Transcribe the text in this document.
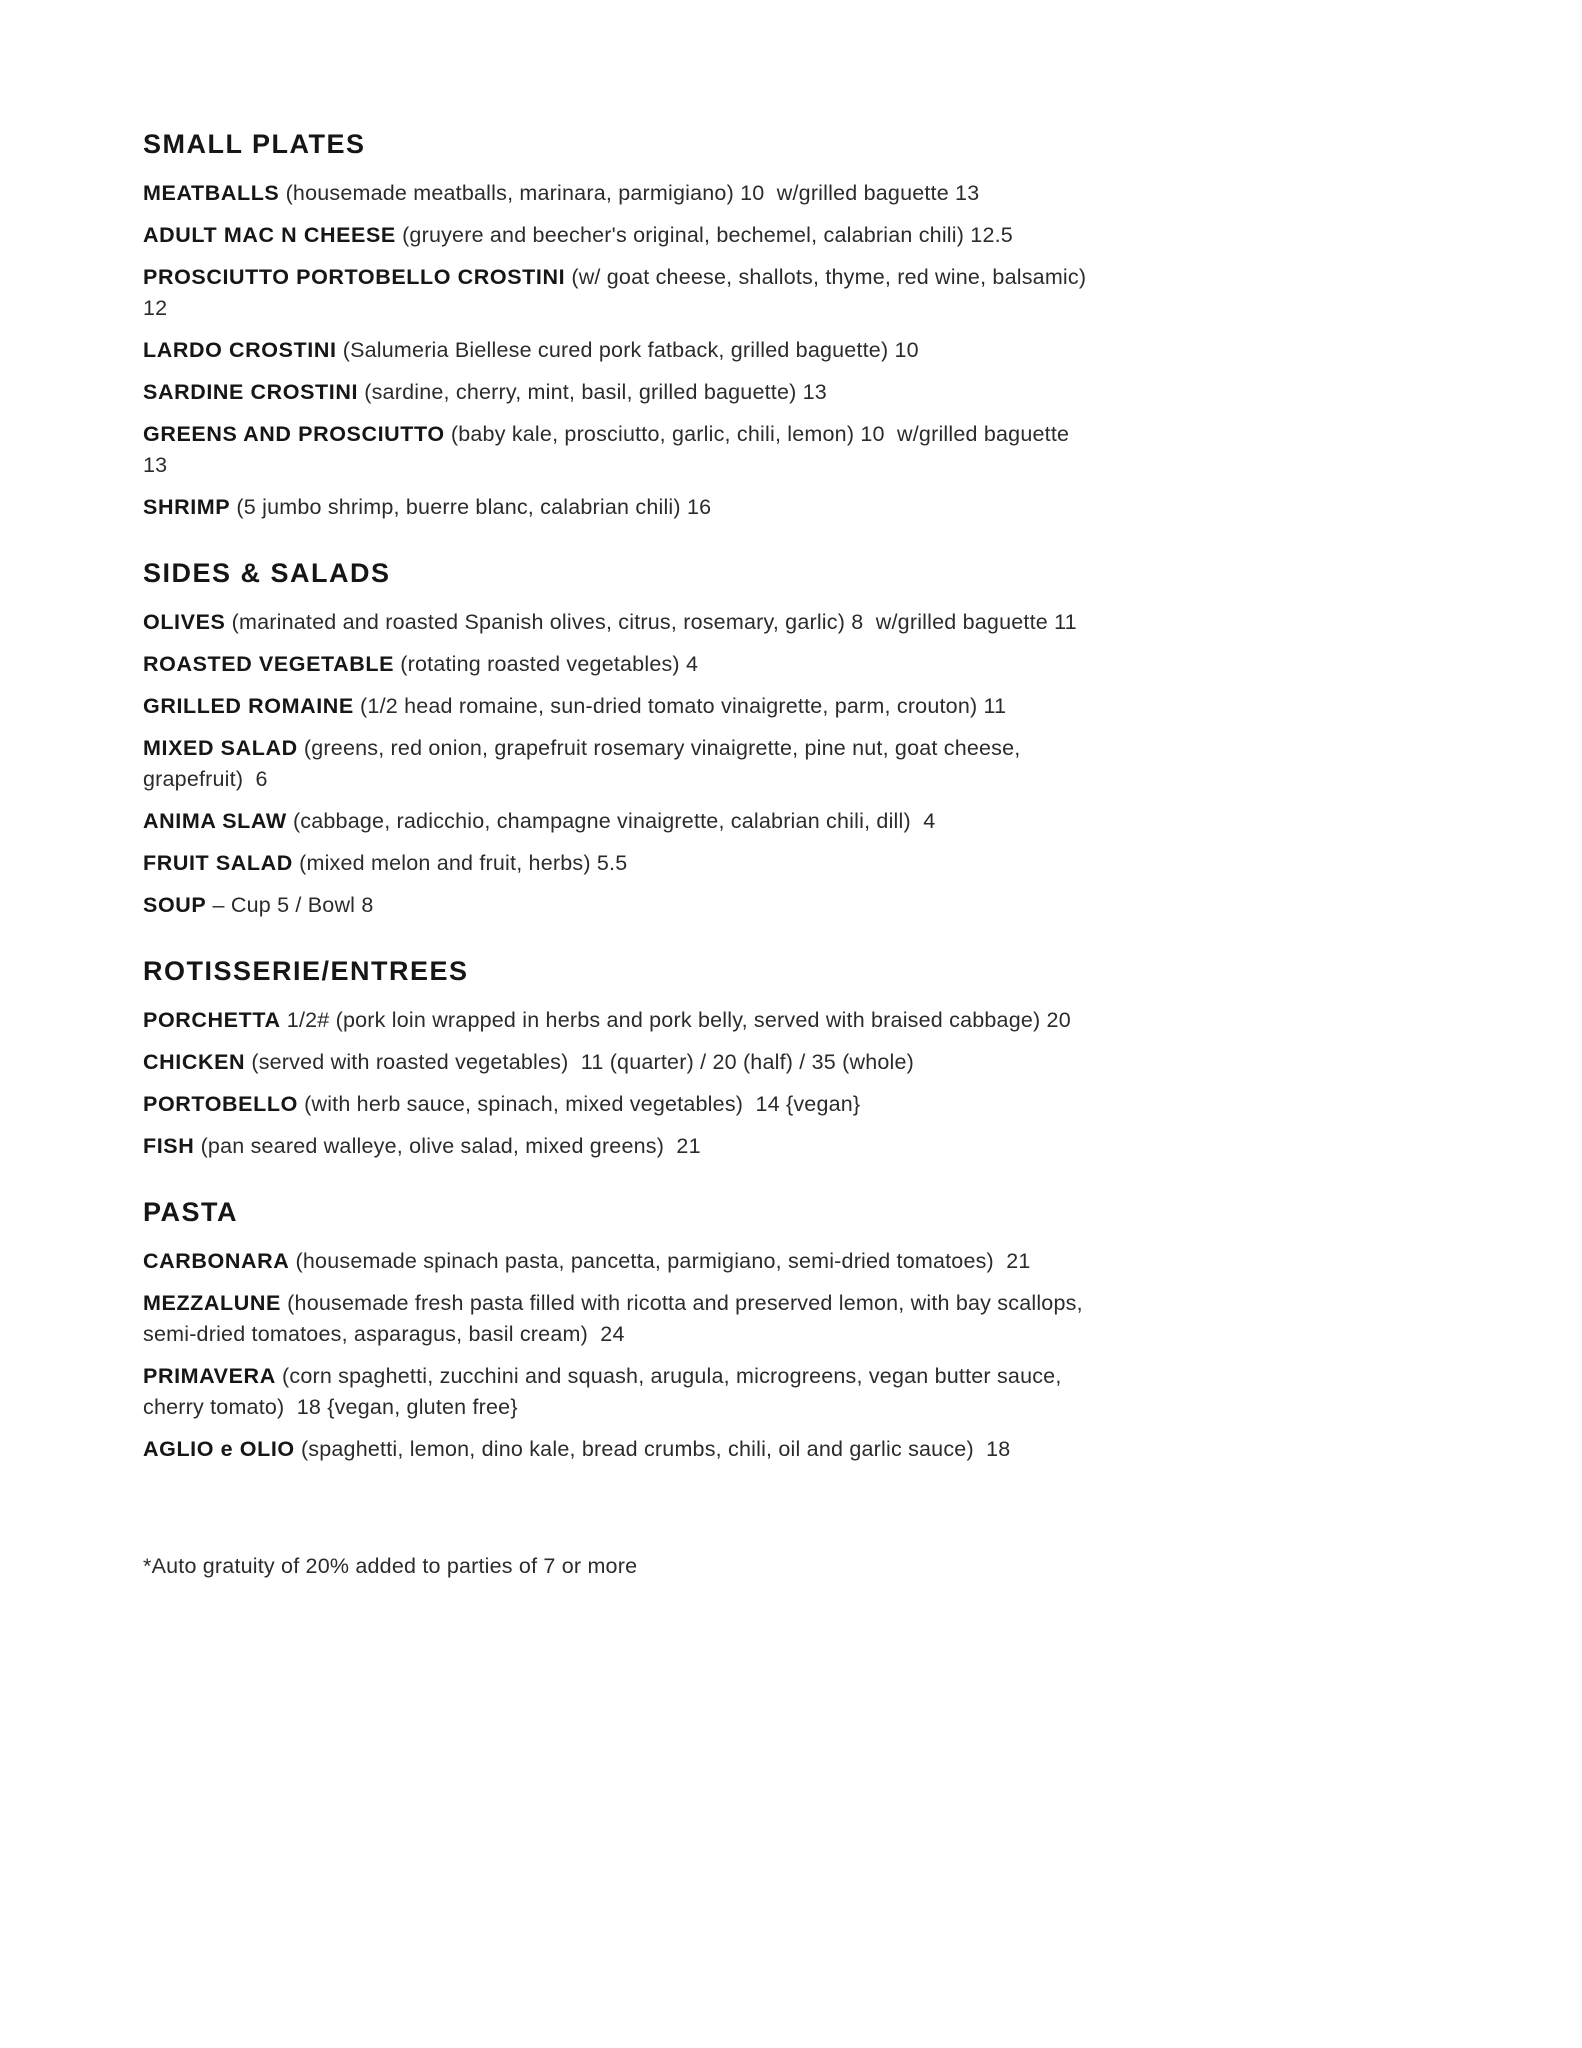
SMALL PLATES

MEATBALLS (housemade meatballs, marinara, parmigiano) 10  w/grilled baguette 13

ADULT MAC N CHEESE (gruyere and beecher's original, bechemel, calabrian chili) 12.5

PROSCIUTTO PORTOBELLO CROSTINI (w/ goat cheese, shallots, thyme, red wine, balsamic)  12

LARDO CROSTINI (Salumeria Biellese cured pork fatback, grilled baguette) 10

SARDINE CROSTINI (sardine, cherry, mint, basil, grilled baguette) 13

GREENS AND PROSCIUTTO (baby kale, prosciutto, garlic, chili, lemon) 10  w/grilled baguette 13

SHRIMP (5 jumbo shrimp, buerre blanc, calabrian chili) 16

SIDES & SALADS

OLIVES (marinated and roasted Spanish olives, citrus, rosemary, garlic) 8  w/grilled baguette 11

ROASTED VEGETABLE (rotating roasted vegetables) 4

GRILLED ROMAINE (1/2 head romaine, sun-dried tomato vinaigrette, parm, crouton) 11

MIXED SALAD (greens, red onion, grapefruit rosemary vinaigrette, pine nut, goat cheese, grapefruit)  6

ANIMA SLAW (cabbage, radicchio, champagne vinaigrette, calabrian chili, dill)  4

FRUIT SALAD (mixed melon and fruit, herbs) 5.5

SOUP – Cup 5 / Bowl 8

ROTISSERIE/ENTREES

PORCHETTA 1/2# (pork loin wrapped in herbs and pork belly, served with braised cabbage) 20

CHICKEN (served with roasted vegetables)  11 (quarter) / 20 (half) / 35 (whole)

PORTOBELLO (with herb sauce, spinach, mixed vegetables)  14 {vegan}

FISH (pan seared walleye, olive salad, mixed greens)  21

PASTA

CARBONARA (housemade spinach pasta, pancetta, parmigiano, semi-dried tomatoes)  21

MEZZALUNE (housemade fresh pasta filled with ricotta and preserved lemon, with bay scallops, semi-dried tomatoes, asparagus, basil cream)  24

PRIMAVERA (corn spaghetti, zucchini and squash, arugula, microgreens, vegan butter sauce, cherry tomato)  18 {vegan, gluten free}

AGLIO e OLIO (spaghetti, lemon, dino kale, bread crumbs, chili, oil and garlic sauce)  18

*Auto gratuity of 20% added to parties of 7 or more
